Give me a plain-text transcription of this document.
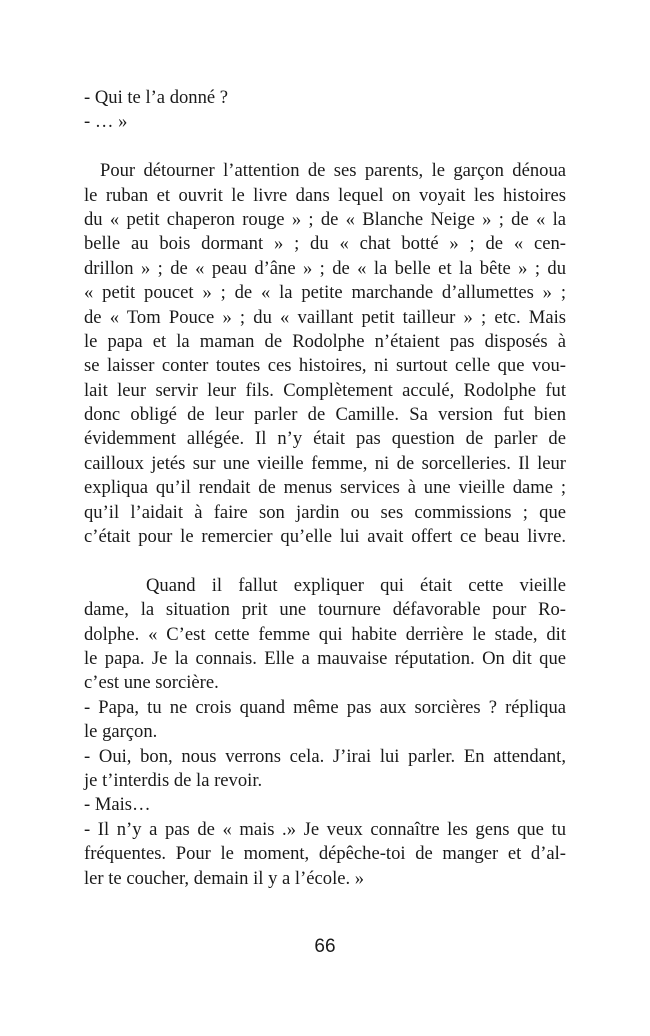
- Qui te l’a donné ?
- … »
Pour détourner l’attention de ses parents, le garçon dénoua
le ruban et ouvrit le livre dans lequel on voyait les histoires
du « petit chaperon rouge » ; de « Blanche Neige » ; de « la
belle au bois dormant » ; du « chat botté » ; de « cen-
drillon » ; de « peau d’âne » ; de « la belle et la bête » ; du
« petit poucet » ; de « la petite marchande d’allumettes » ;
de « Tom Pouce » ; du « vaillant petit tailleur » ; etc. Mais
le papa et la maman de Rodolphe n’étaient pas disposés à
se laisser conter toutes ces histoires, ni surtout celle que vou-
lait leur servir leur fils. Complètement acculé, Rodolphe fut
donc obligé de leur parler de Camille. Sa version fut bien
évidemment allégée. Il n’y était pas question de parler de
cailloux jetés sur une vieille femme, ni de sorcelleries. Il leur
expliqua qu’il rendait de menus services à une vieille dame ;
qu’il l’aidait à faire son jardin ou ses commissions ; que
c’était pour le remercier qu’elle lui avait offert ce beau livre.
Quand il fallut expliquer qui était cette vieille
dame, la situation prit une tournure défavorable pour Ro-
dolphe. « C’est cette femme qui habite derrière le stade, dit
le papa. Je la connais. Elle a mauvaise réputation. On dit que
c’est une sorcière.
- Papa, tu ne crois quand même pas aux sorcières ? répliqua
le garçon.
- Oui, bon, nous verrons cela. J’irai lui parler. En attendant,
je t’interdis de la revoir.
- Mais…
- Il n’y a pas de « mais .» Je veux connaître les gens que tu
fréquentes. Pour le moment, dépêche-toi de manger et d’al-
ler te coucher, demain il y a l’école. »
66
